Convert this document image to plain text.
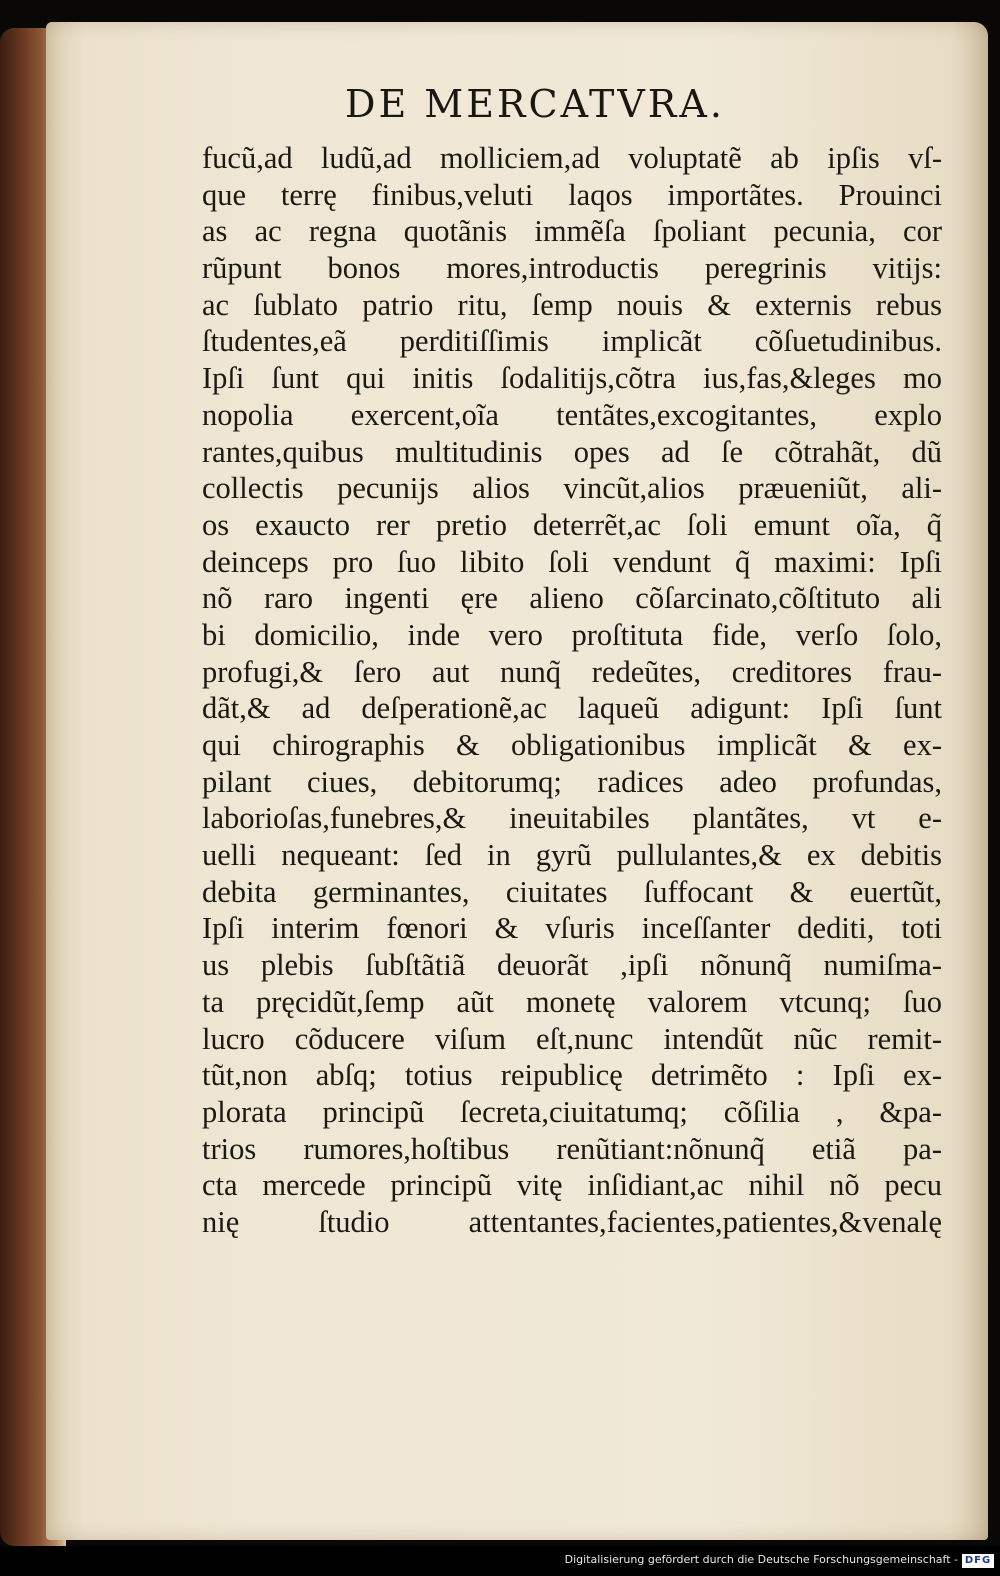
DE MERCATVRA.
fucũ,ad ludũ,ad molliciem,ad voluptatẽ ab ipſis vſ-
que terrę finibus,veluti laqos importãtes. Prouinci
as ac regna quotãnis immẽſa ſpoliant pecunia, cor
rũpunt bonos mores,introductis peregrinis vitijs:
ac ſublato patrio ritu, ſemp nouis & externis rebus
ſtudentes,eã perditiſſimis implicãt cõſuetudinibus.
Ipſi ſunt qui initis ſodalitijs,cõtra ius,fas,&leges mo
nopolia exercent,oĩa tentãtes,excogitantes, explo
rantes,quibus multitudinis opes ad ſe cõtrahãt, dũ
collectis pecunijs alios vincũt,alios præueniũt, ali-
os exaucto rer pretio deterrẽt,ac ſoli emunt oĩa, q̃
deinceps pro ſuo libito ſoli vendunt q̃ maximi: Ipſi
nõ raro ingenti ęre alieno cõſarcinato,cõſtituto ali
bi domicilio, inde vero proſtituta fide, verſo ſolo,
profugi,& ſero aut nunq̃ redeũtes, creditores frau-
dãt,& ad deſperationẽ,ac laqueũ adigunt: Ipſi ſunt
qui chirographis & obligationibus implicãt & ex-
pilant ciues, debitorumq; radices adeo profundas,
laborioſas,funebres,& ineuitabiles plantãtes, vt e-
uelli nequeant: ſed in gyrũ pullulantes,& ex debitis
debita germinantes, ciuitates ſuffocant & euertũt,
Ipſi interim fœnori & vſuris inceſſanter dediti, toti
us plebis ſubſtãtiã deuorãt ,ipſi nõnunq̃ numiſma-
ta pręcidũt,ſemp aũt monetę valorem vtcunq; ſuo
lucro cõducere viſum eſt,nunc intendũt nũc remit-
tũt,non abſq; totius reipublicę detrimẽto : Ipſi ex-
plorata principũ ſecreta,ciuitatumq; cõſilia , &pa-
trios rumores,hoſtibus renũtiant:nõnunq̃ etiã pa-
cta mercede principũ vitę inſidiant,ac nihil nõ pecu
nię ſtudio attentantes,facientes,patientes,&venalę
Digitalisierung gefördert durch die Deutsche Forschungsgemeinschaft - DFG
